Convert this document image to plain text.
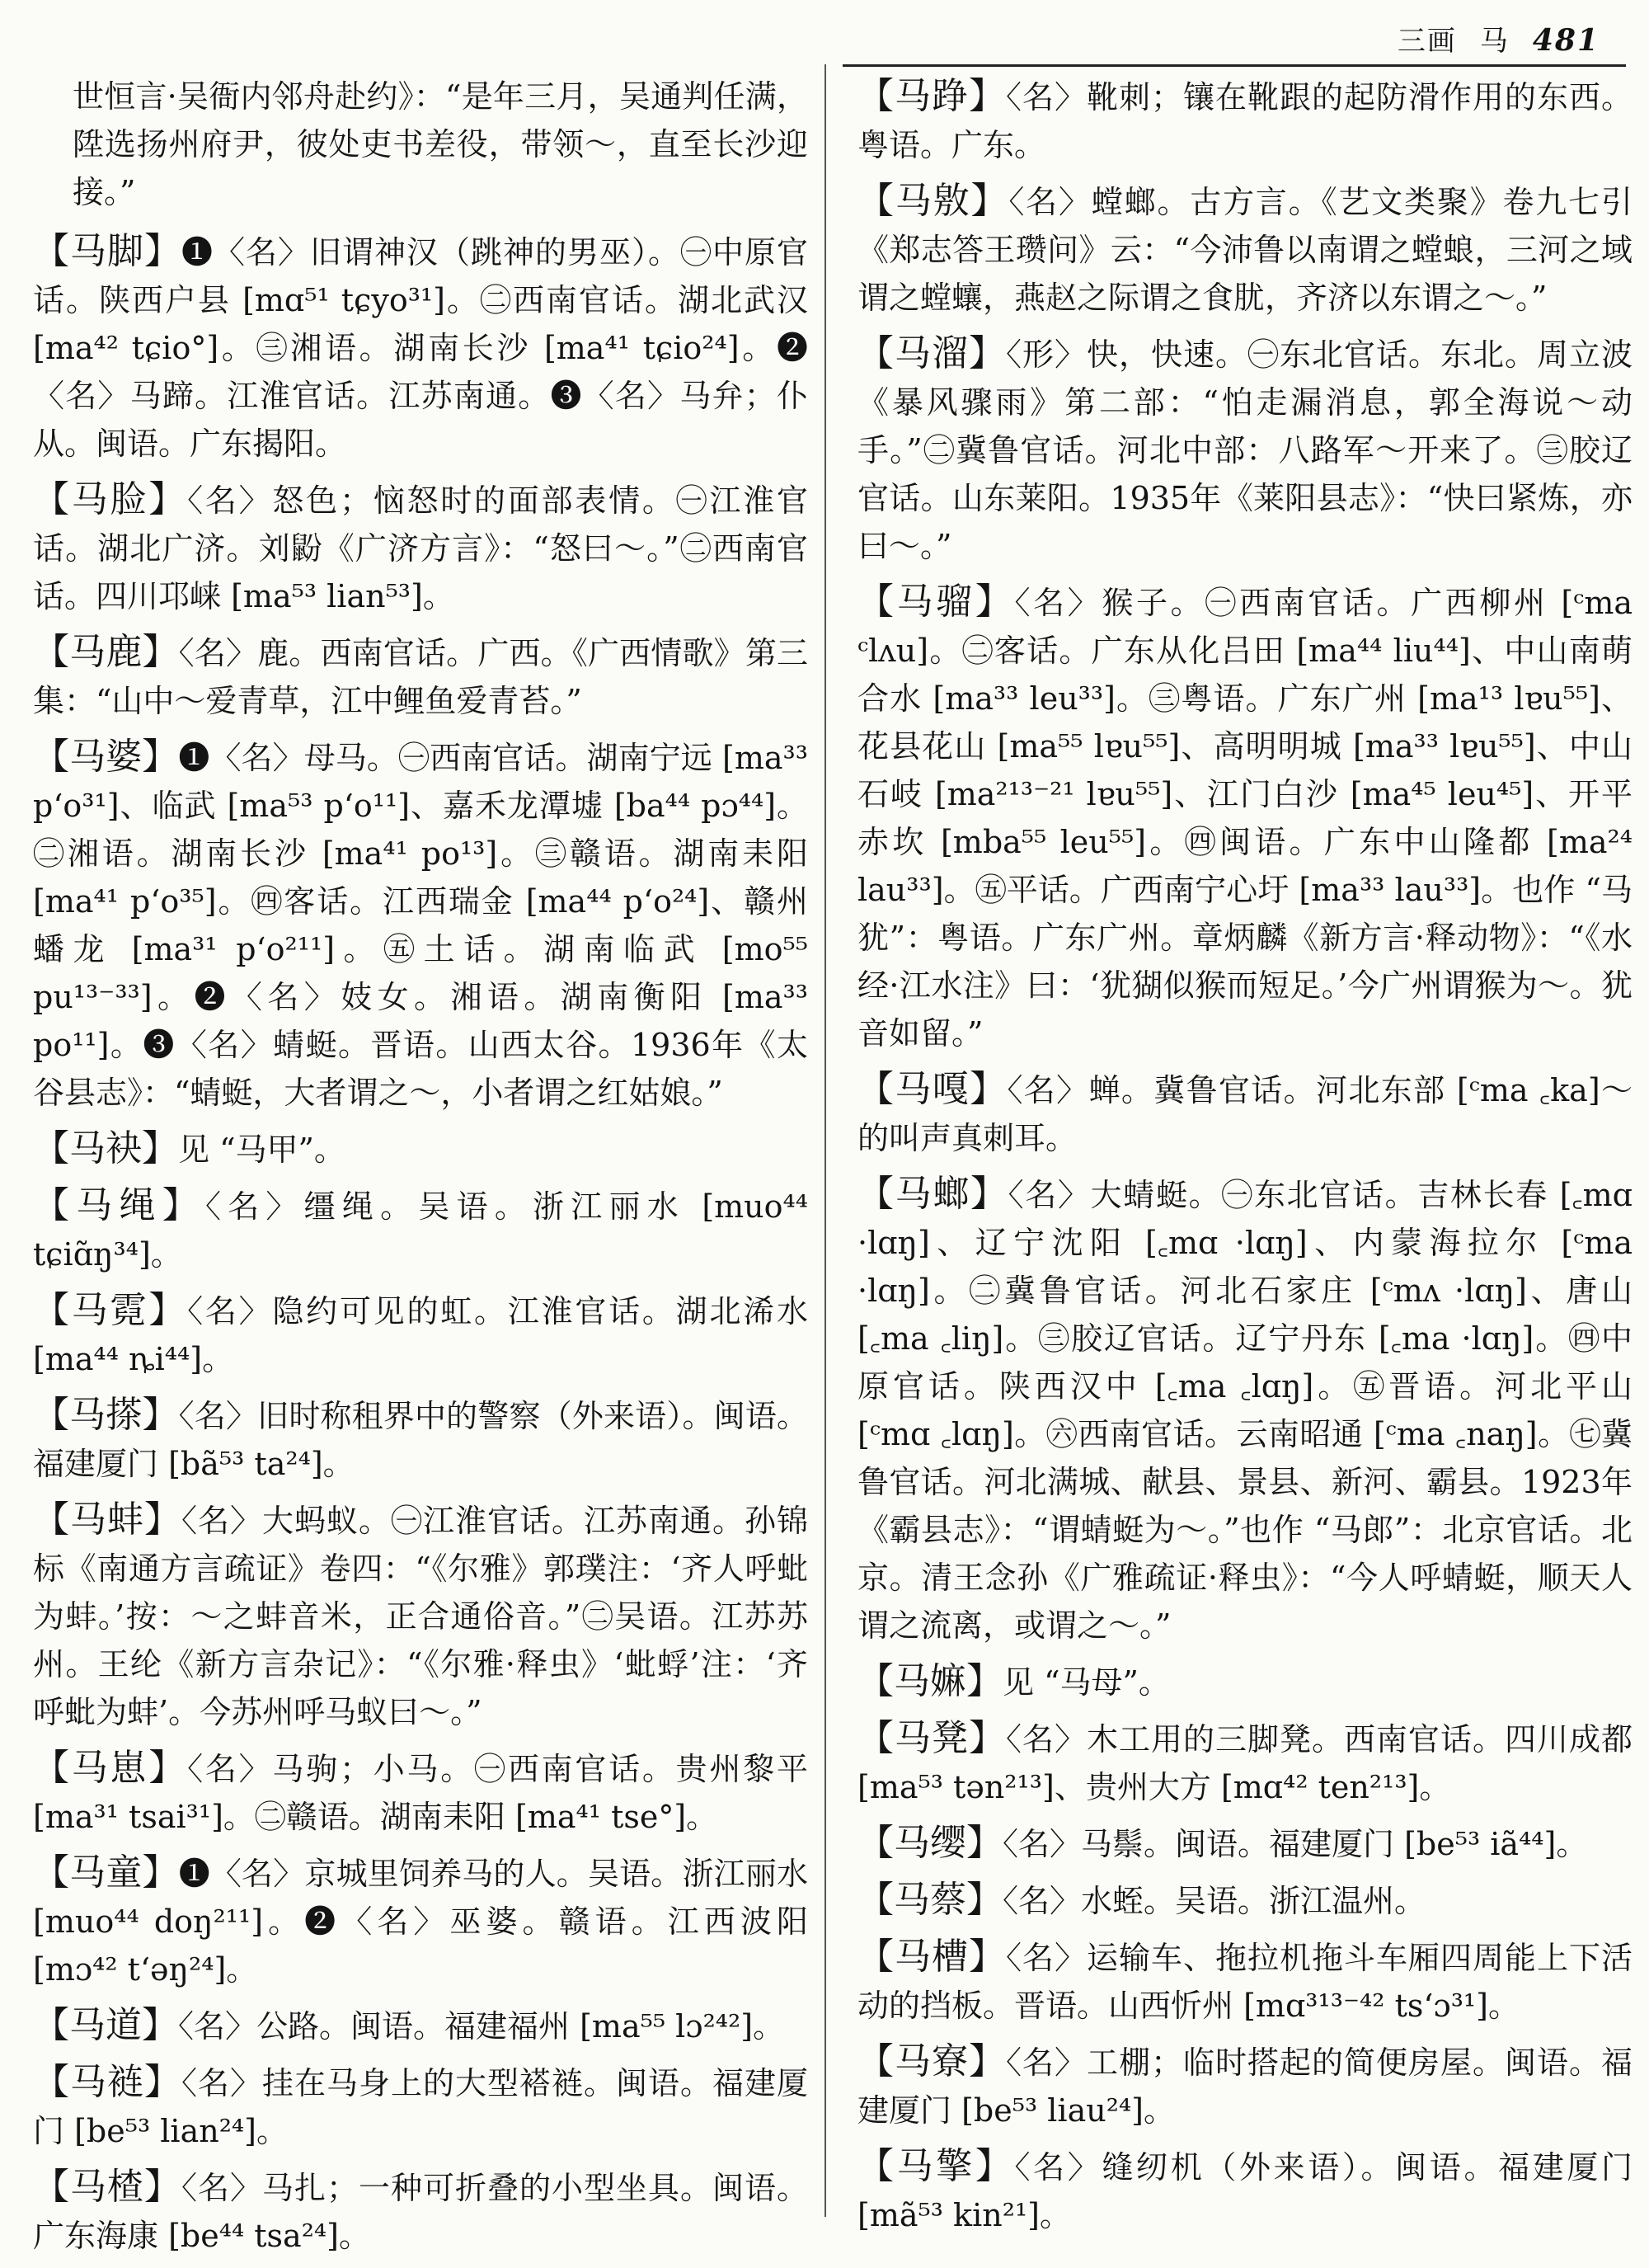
三画 马 481

世恒言·吴衙内邻舟赴约》：“是年三月，吴通判任满，陞选扬州府尹，彼处吏书差役，带领～，直至长沙迎接。”

【马脚】❶〈名〉旧谓神汉（跳神的男巫）。㊀中原官话。陕西户县 [mɑ⁵¹ tɕyo³¹]。㊁西南官话。湖北武汉 [ma⁴² tɕio°]。㊂湘语。湖南长沙 [ma⁴¹ tɕio²⁴]。❷〈名〉马蹄。江淮官话。江苏南通。❸〈名〉马弁；仆从。闽语。广东揭阳。

【马脸】〈名〉怒色；恼怒时的面部表情。㊀江淮官话。湖北广济。刘鼢《广济方言》：“怒曰～。”㊁西南官话。四川邛崃 [ma⁵³ lian⁵³]。

【马鹿】〈名〉鹿。西南官话。广西。《广西情歌》第三集：“山中～爱青草，江中鲤鱼爱青苔。”

【马婆】❶〈名〉母马。㊀西南官话。湖南宁远 [ma³³ p‘o³¹]、临武 [ma⁵³ p‘o¹¹]、嘉禾龙潭墟 [ba⁴⁴ pɔ⁴⁴]。㊁湘语。湖南长沙 [ma⁴¹ po¹³]。㊂赣语。湖南耒阳 [ma⁴¹ p‘o³⁵]。㊃客话。江西瑞金 [ma⁴⁴ p‘o²⁴]、赣州蟠龙 [ma³¹ p‘o²¹¹]。㊄土话。湖南临武 [mo⁵⁵ pu¹³⁻³³]。❷〈名〉妓女。湘语。湖南衡阳 [ma³³ po¹¹]。❸〈名〉蜻蜓。晋语。山西太谷。1936年《太谷县志》：“蜻蜓，大者谓之～，小者谓之红姑娘。”

【马袂】见 “马甲”。

【马绳】〈名〉缰绳。吴语。浙江丽水 [muo⁴⁴ tɕiɑ̃ŋ³⁴]。

【马霓】〈名〉隐约可见的虹。江淮官话。湖北浠水 [ma⁴⁴ ȵi⁴⁴]。

【马搽】〈名〉旧时称租界中的警察（外来语）。闽语。福建厦门 [bã⁵³ ta²⁴]。

【马蚌】〈名〉大蚂蚁。㊀江淮官话。江苏南通。孙锦标《南通方言疏证》卷四：“《尔雅》郭璞注：‘齐人呼蚍为蚌。’按：～之蚌音米，正合通俗音。”㊁吴语。江苏苏州。王纶《新方言杂记》：“《尔雅·释虫》‘蚍蜉’注：‘齐呼蚍为蚌’。今苏州呼马蚁曰～。”

【马崽】〈名〉马驹；小马。㊀西南官话。贵州黎平 [ma³¹ tsai³¹]。㊁赣语。湖南耒阳 [ma⁴¹ tse°]。

【马童】❶〈名〉京城里饲养马的人。吴语。浙江丽水 [muo⁴⁴ doŋ²¹¹]。❷〈名〉巫婆。赣语。江西波阳 [mɔ⁴² t‘əŋ²⁴]。

【马道】〈名〉公路。闽语。福建福州 [ma⁵⁵ lɔ²⁴²]。

【马裢】〈名〉挂在马身上的大型褡裢。闽语。福建厦门 [be⁵³ lian²⁴]。

【马楂】〈名〉马扎；一种可折叠的小型坐具。闽语。广东海康 [be⁴⁴ tsa²⁴]。

【马踭】〈名〉靴刺；镶在靴跟的起防滑作用的东西。粤语。广东。

【马敫】〈名〉螳螂。古方言。《艺文类聚》卷九七引《郑志答王瓒问》云：“今沛鲁以南谓之螳蜋，三河之域谓之螳蠰，燕赵之际谓之食肬，齐济以东谓之～。”

【马溜】〈形〉快，快速。㊀东北官话。东北。周立波《暴风骤雨》第二部：“怕走漏消息，郭全海说～动手。”㊁冀鲁官话。河北中部：八路军～开来了。㊂胶辽官话。山东莱阳。1935年《莱阳县志》：“快曰紧炼，亦曰～。”

【马骝】〈名〉猴子。㊀西南官话。广西柳州 [ᶜma ᶜlʌu]。㊁客话。广东从化吕田 [ma⁴⁴ liu⁴⁴]、中山南萌合水 [ma³³ leu³³]。㊂粤语。广东广州 [ma¹³ lɐu⁵⁵]、花县花山 [ma⁵⁵ lɐu⁵⁵]、高明明城 [ma³³ lɐu⁵⁵]、中山石岐 [ma²¹³⁻²¹ lɐu⁵⁵]、江门白沙 [ma⁴⁵ leu⁴⁵]、开平赤坎 [mba⁵⁵ leu⁵⁵]。㊃闽语。广东中山隆都 [ma²⁴ lau³³]。㊄平话。广西南宁心圩 [ma³³ lau³³]。也作 “马犹”：粤语。广东广州。章炳麟《新方言·释动物》：“《水经·江水注》曰：‘犹猢似猴而短足。’今广州谓猴为～。犹音如留。”

【马嘎】〈名〉蝉。冀鲁官话。河北东部 [ᶜma ꜀ka]～的叫声真刺耳。

【马螂】〈名〉大蜻蜓。㊀东北官话。吉林长春 [꜀mɑ ·lɑŋ]、辽宁沈阳 [꜀mɑ ·lɑŋ]、内蒙海拉尔 [ᶜma ·lɑŋ]。㊁冀鲁官话。河北石家庄 [ᶜmʌ ·lɑŋ]、唐山 [꜀ma ꜀liŋ]。㊂胶辽官话。辽宁丹东 [꜀ma ·lɑŋ]。㊃中原官话。陕西汉中 [꜀ma ꜀lɑŋ]。㊄晋语。河北平山 [ᶜmɑ ꜀lɑŋ]。㊅西南官话。云南昭通 [ᶜma ꜀naŋ]。㊆冀鲁官话。河北满城、献县、景县、新河、霸县。1923年《霸县志》：“谓蜻蜓为～。”也作 “马郎”：北京官话。北京。清王念孙《广雅疏证·释虫》：“今人呼蜻蜓，顺天人谓之流离，或谓之～。”

【马嫲】见 “马母”。

【马凳】〈名〉木工用的三脚凳。西南官话。四川成都 [ma⁵³ tən²¹³]、贵州大方 [mɑ⁴² ten²¹³]。

【马缨】〈名〉马鬃。闽语。福建厦门 [be⁵³ iã⁴⁴]。

【马蔡】〈名〉水蛭。吴语。浙江温州。

【马槽】〈名〉运输车、拖拉机拖斗车厢四周能上下活动的挡板。晋语。山西忻州 [mɑ³¹³⁻⁴² ts‘ɔ³¹]。

【马寮】〈名〉工棚；临时搭起的简便房屋。闽语。福建厦门 [be⁵³ liau²⁴]。

【马擎】〈名〉缝纫机（外来语）。闽语。福建厦门 [mã⁵³ kin²¹]。
